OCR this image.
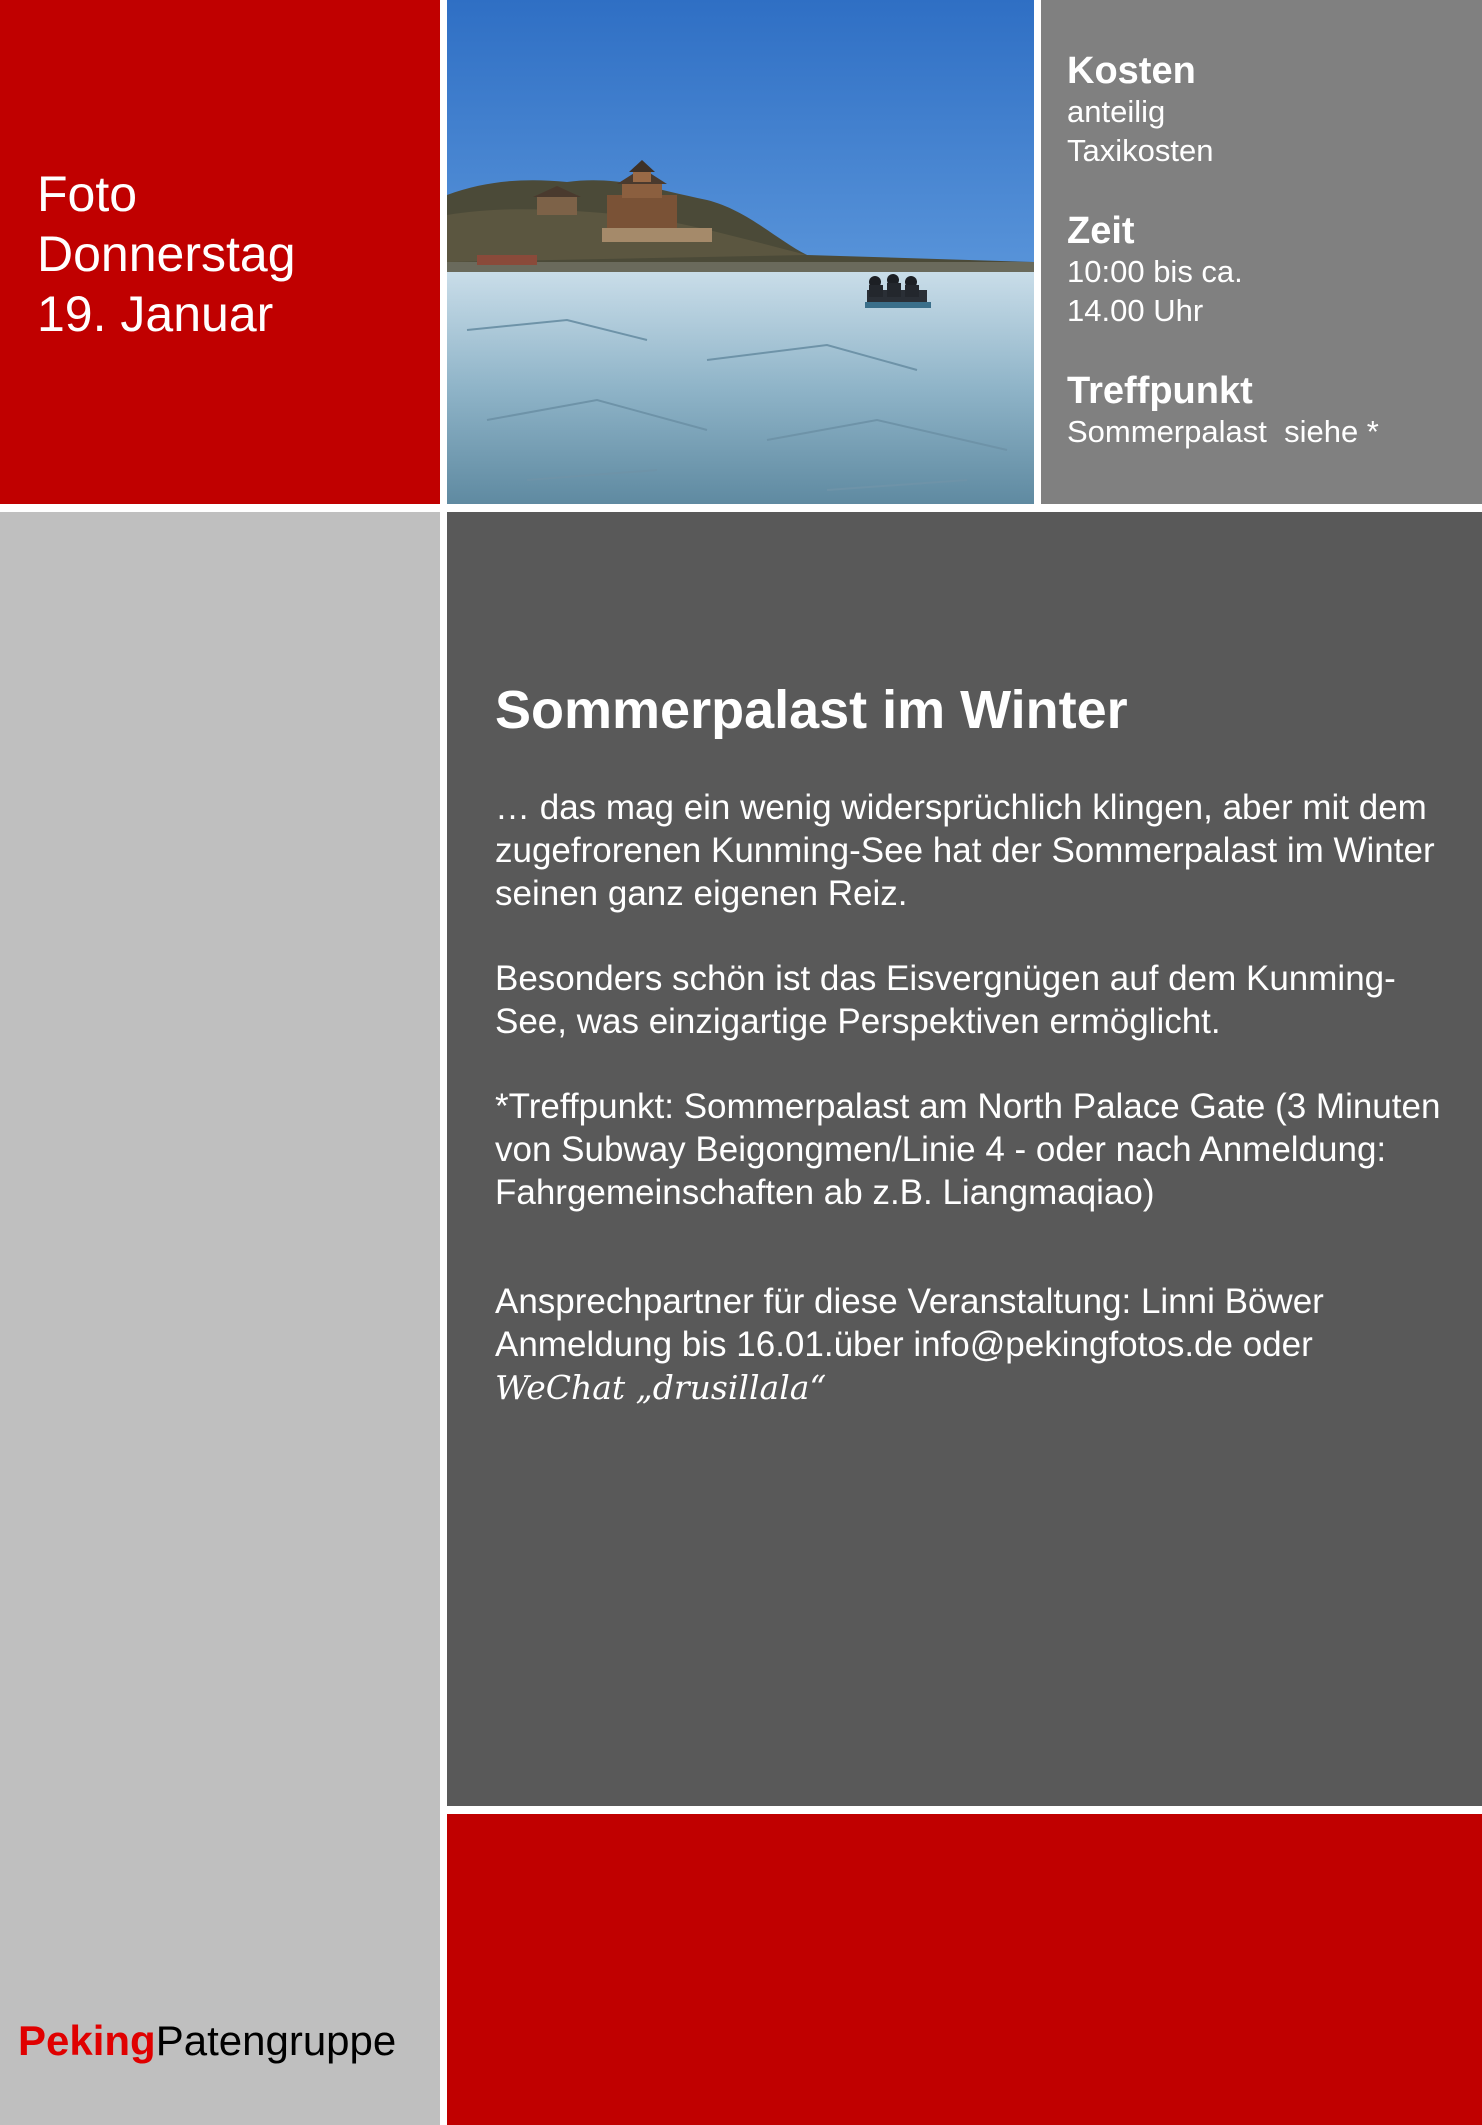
Foto
Donnerstag
19. Januar
Kosten
anteilig
Taxikosten
Zeit
10:00 bis ca.
14.00 Uhr
Treffpunkt
Sommerpalast  siehe *
PekingPatengruppe
Sommerpalast im Winter

… das mag ein wenig widersprüchlich klingen, aber mit dem zugefrorenen Kunming-See hat der Sommerpalast im Winter seinen ganz eigenen Reiz.

Besonders schön ist das Eisvergnügen auf dem Kunming-See, was einzigartige Perspektiven ermöglicht.

*Treffpunkt: Sommerpalast am North Palace Gate (3 Minuten von Subway Beigongmen/Linie 4 - oder nach Anmeldung: Fahrgemeinschaften ab z.B. Liangmaqiao)

Ansprechpartner für diese Veranstaltung: Linni Böwer

Anmeldung bis 16.01.über info@pekingfotos.de oder

WeChat „drusillala“
